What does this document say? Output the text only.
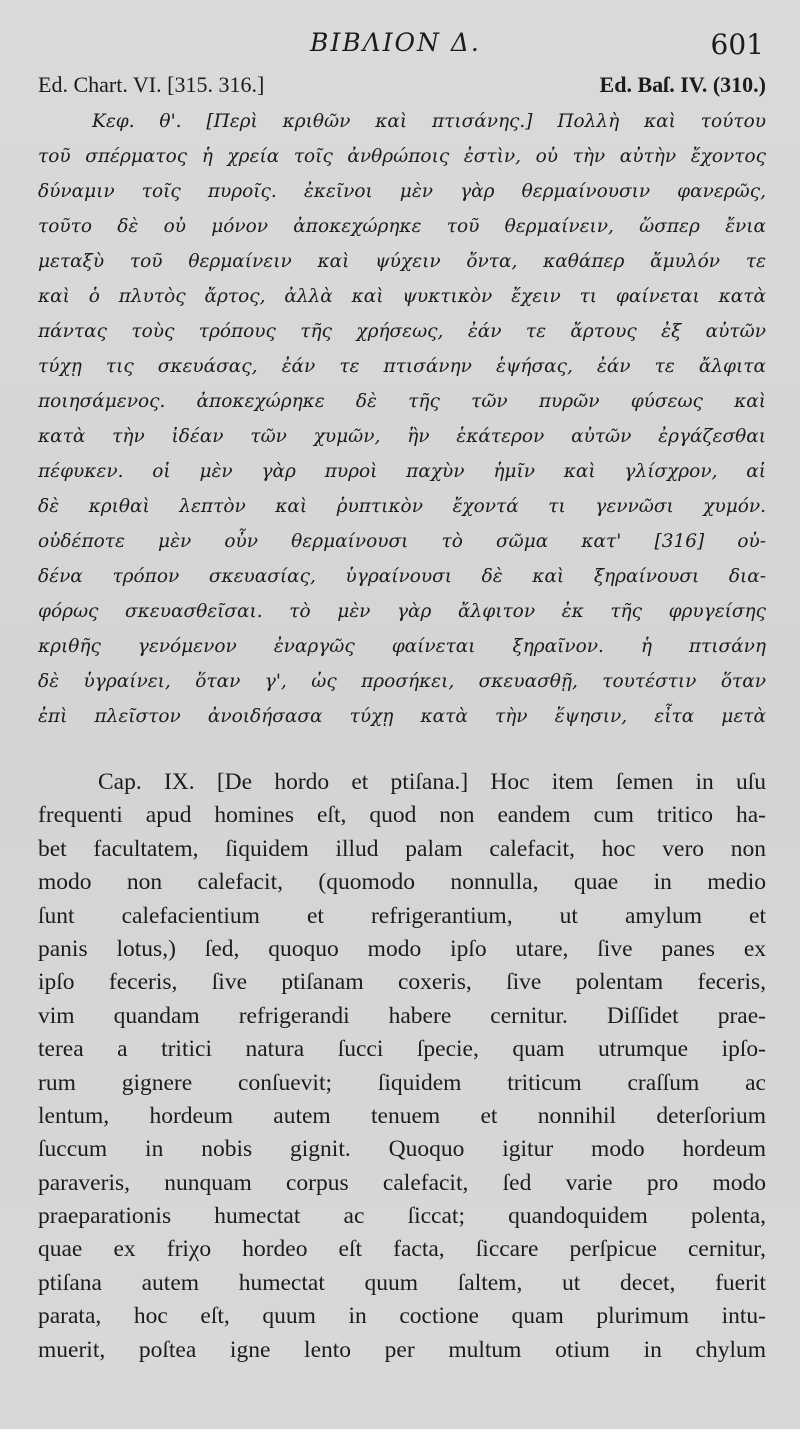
ΒΙΒΛΙΟΝ Δ.	601
Ed. Chart. VI. [315. 316.]	Ed. Baſ. IV. (310.)
Κεφ. θ'. [Περὶ κριθῶν καὶ πτισάνης.] Πολλὴ καὶ τούτου
τοῦ σπέρματος ἡ χρεία τοῖς ἀνθρώποις ἐστὶν, οὐ τὴν αὐτὴν ἔχοντος
δύναμιν τοῖς πυροῖς. ἐκεῖνοι μὲν γὰρ θερμαίνουσιν φανερῶς,
τοῦτο δὲ οὐ μόνον ἀποκεχώρηκε τοῦ θερμαίνειν, ὥσπερ ἔνια
μεταξὺ τοῦ θερμαίνειν καὶ ψύχειν ὄντα, καθάπερ ἄμυλόν τε
καὶ ὁ πλυτὸς ἄρτος, ἀλλὰ καὶ ψυκτικὸν ἔχειν τι φαίνεται κατὰ
πάντας τοὺς τρόπους τῆς χρήσεως, ἐάν τε ἄρτους ἐξ αὐτῶν
τύχῃ τις σκευάσας, ἐάν τε πτισάνην ἑψήσας, ἐάν τε ἄλφιτα
ποιησάμενος. ἀποκεχώρηκε δὲ τῆς τῶν πυρῶν φύσεως καὶ
κατὰ τὴν ἰδέαν τῶν χυμῶν, ἣν ἑκάτερον αὐτῶν ἐργάζεσθαι
πέφυκεν. οἱ μὲν γὰρ πυροὶ παχὺν ἡμῖν καὶ γλίσχρον, αἱ
δὲ κριθαὶ λεπτὸν καὶ ῥυπτικὸν ἔχοντά τι γεννῶσι χυμόν.
οὐδέποτε μὲν οὖν θερμαίνουσι τὸ σῶμα κατ' [316] οὐ-
δένα τρόπον σκευασίας, ὑγραίνουσι δὲ καὶ ξηραίνουσι δια-
φόρως σκευασθεῖσαι. τὸ μὲν γὰρ ἄλφιτον ἐκ τῆς φρυγείσης
κριθῆς γενόμενον ἐναργῶς φαίνεται ξηραῖνον. ἡ πτισάνη
δὲ ὑγραίνει, ὅταν γ', ὡς προσήκει, σκευασθῇ, τουτέστιν ὅταν
ἐπὶ πλεῖστον ἀνοιδήσασα τύχῃ κατὰ τὴν ἕψησιν, εἶτα μετὰ
Cap. IX. [De hordo et ptiſana.] Hoc item ſemen in uſu
frequenti apud homines eſt, quod non eandem cum tritico ha-
bet facultatem, ſiquidem illud palam calefacit, hoc vero non
modo non calefacit, (quomodo nonnulla, quae in medio
ſunt calefacientium et refrigerantium, ut amylum et
panis lotus,) ſed, quoquo modo ipſo utare, ſive panes ex
ipſo feceris, ſive ptiſanam coxeris, ſive polentam feceris,
vim quandam refrigerandi habere cernitur. Diſſidet prae-
terea a tritici natura ſucci ſpecie, quam utrumque ipſo-
rum gignere conſuevit; ſiquidem triticum craſſum ac
lentum, hordeum autem tenuem et nonnihil deterſorium
ſuccum in nobis gignit. Quoquo igitur modo hordeum
paraveris, nunquam corpus calefacit, ſed varie pro modo
praeparationis humectat ac ſiccat; quandoquidem polenta,
quae ex friχo hordeo eſt facta, ſiccare perſpicue cernitur,
ptiſana autem humectat quum ſaltem, ut decet, fuerit
parata, hoc eſt, quum in coctione quam plurimum intu-
muerit, poſtea igne lento per multum otium in chylum
